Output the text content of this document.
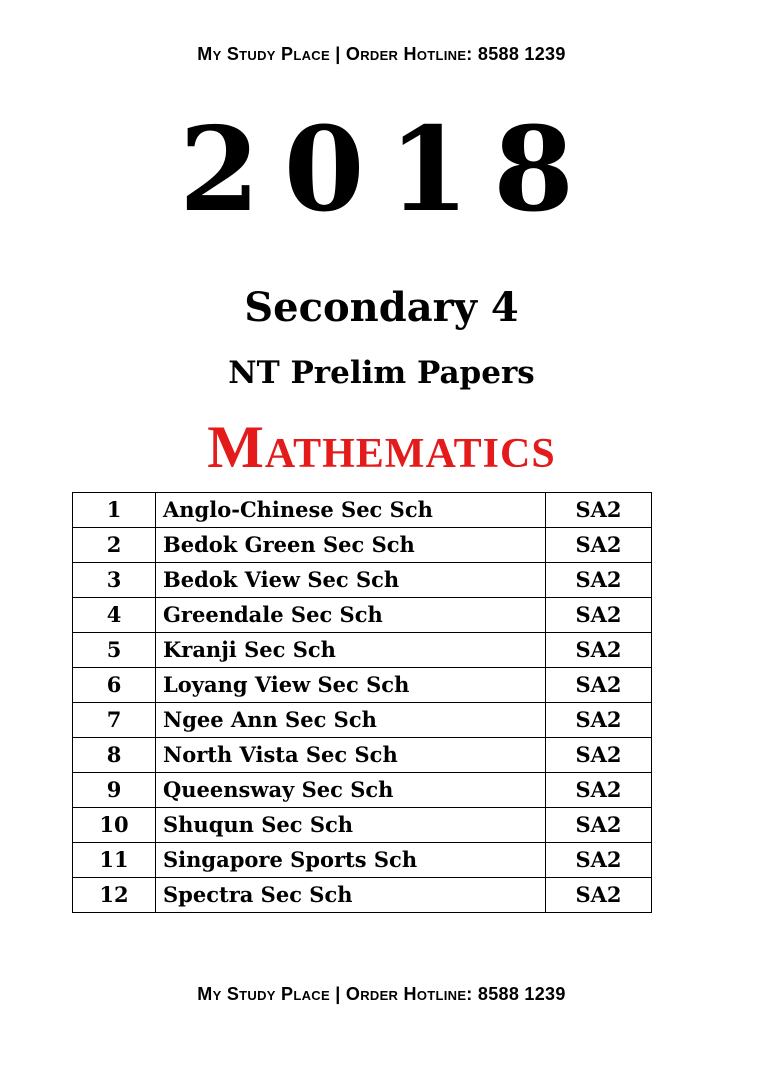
My Study Place | Order Hotline: 8588 1239
2018
Secondary 4
NT Prelim Papers
Mathematics
1	Anglo-Chinese Sec Sch	SA2
2	Bedok Green Sec Sch	SA2
3	Bedok View Sec Sch	SA2
4	Greendale Sec Sch	SA2
5	Kranji Sec Sch	SA2
6	Loyang View Sec Sch	SA2
7	Ngee Ann Sec Sch	SA2
8	North Vista Sec Sch	SA2
9	Queensway Sec Sch	SA2
10	Shuqun Sec Sch	SA2
11	Singapore Sports Sch	SA2
12	Spectra Sec Sch	SA2
My Study Place | Order Hotline: 8588 1239
